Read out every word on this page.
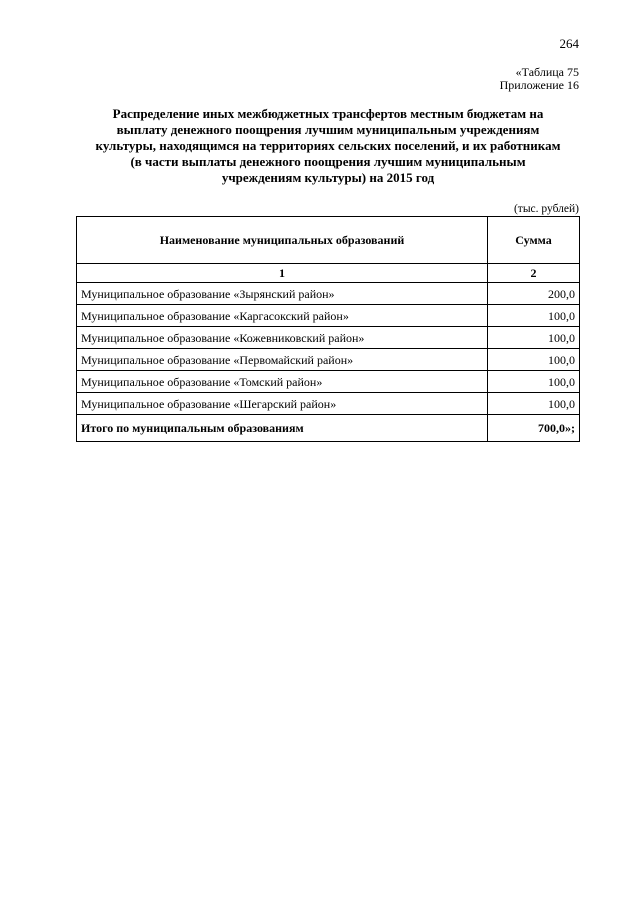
264
«Таблица 75
Приложение 16
Распределение иных межбюджетных трансфертов местным бюджетам на
выплату денежного поощрения лучшим муниципальным учреждениям
культуры, находящимся на территориях сельских поселений, и их работникам
(в части выплаты денежного поощрения лучшим муниципальным
учреждениям культуры) на 2015 год
(тыс. рублей)
Наименование муниципальных образований	Сумма
1	2
Муниципальное образование «Зырянский район»	200,0
Муниципальное образование «Каргасокский район»	100,0
Муниципальное образование «Кожевниковский район»	100,0
Муниципальное образование «Первомайский район»	100,0
Муниципальное образование «Томский район»	100,0
Муниципальное образование «Шегарский район»	100,0
Итого по муниципальным образованиям	700,0»;
